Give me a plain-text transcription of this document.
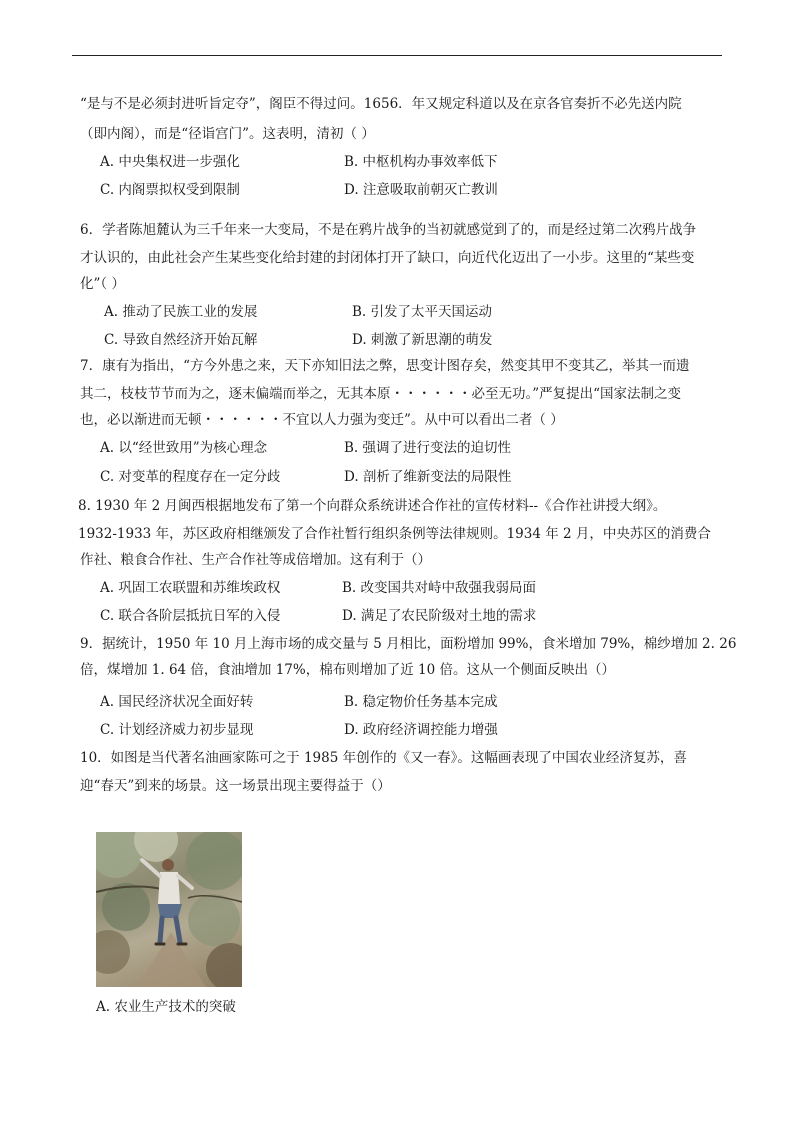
“是与不是必须封进听旨定夺”，阁臣不得过问。1656．年又规定科道以及在京各官奏折不必先送内院
（即内阁），而是“径诣宫门”。这表明，清初（ ）
A. 中央集权进一步强化	B. 中枢机构办事效率低下
C. 内阁票拟权受到限制	D. 注意吸取前朝灭亡教训
6．学者陈旭麓认为三千年来一大变局，不是在鸦片战争的当初就感觉到了的，而是经过第二次鸦片战争
才认识的，由此社会产生某些变化给封建的封闭体打开了缺口，向近代化迈出了一小步。这里的“某些变
化”（ ）
A. 推动了民族工业的发展	B. 引发了太平天国运动
C. 导致自然经济开始瓦解	D. 刺激了新思潮的萌发
7．康有为指出，“方今外患之来，天下亦知旧法之弊，思变计图存矣，然变其甲不变其乙，举其一而遗
其二，枝枝节节而为之，逐末偏端而举之，无其本原・・・・・・必至无功。”严复提出“国家法制之变
也，必以渐进而无顿・・・・・・不宜以人力强为变迁”。从中可以看出二者（ ）
A. 以“经世致用”为核心理念	B. 强调了进行变法的迫切性
C. 对变革的程度存在一定分歧	D. 剖析了维新变法的局限性
8. 1930 年 2 月闽西根据地发布了第一个向群众系统讲述合作社的宣传材料--《合作社讲授大纲》。
1932-1933 年，苏区政府相继颁发了合作社暂行组织条例等法律规则。1934 年 2 月，中央苏区的消费合
作社、粮食合作社、生产合作社等成倍增加。这有利于（）
A. 巩固工农联盟和苏维埃政权	B. 改变国共对峙中敌强我弱局面
C. 联合各阶层抵抗日军的入侵	D. 满足了农民阶级对土地的需求
9．据统计，1950 年 10 月上海市场的成交量与 5 月相比，面粉增加 99%，食米增加 79%，棉纱增加 2. 26
倍，煤增加 1. 64 倍，食油增加 17%，棉布则增加了近 10 倍。这从一个侧面反映出（）
A. 国民经济状况全面好转	B. 稳定物价任务基本完成
C. 计划经济威力初步显现	D. 政府经济调控能力增强
10．如图是当代著名油画家陈可之于 1985 年创作的《又一春》。这幅画表现了中国农业经济复苏，喜
迎“春天”到来的场景。这一场景出现主要得益于（）
A. 农业生产技术的突破
